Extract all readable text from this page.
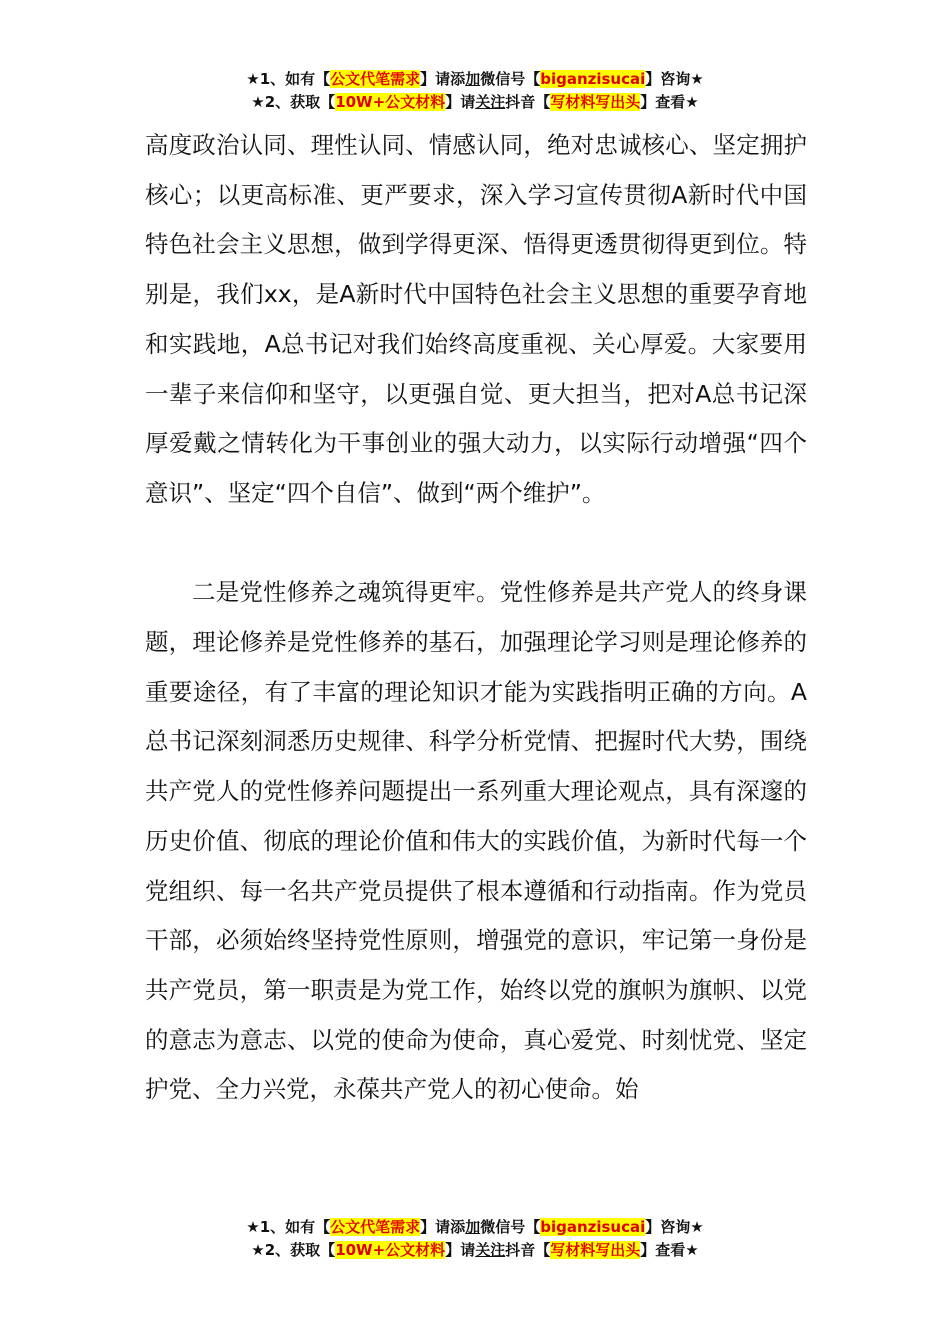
★1、如有【公文代笔需求】请添加微信号【biganzisucai】咨询★
★2、获取【10W+公文材料】请关注抖音【写材料写出头】查看★

高度政治认同、理性认同、情感认同，绝对忠诚核心、坚定拥护核心；以更高标准、更严要求，深入学习宣传贯彻A新时代中国特色社会主义思想，做到学得更深、悟得更透贯彻得更到位。特别是，我们xx，是A新时代中国特色社会主义思想的重要孕育地和实践地，A总书记对我们始终高度重视、关心厚爱。大家要用一辈子来信仰和坚守，以更强自觉、更大担当，把对A总书记深厚爱戴之情转化为干事创业的强大动力，以实际行动增强“四个意识”、坚定“四个自信”、做到“两个维护”。

二是党性修养之魂筑得更牢。党性修养是共产党人的终身课题，理论修养是党性修养的基石，加强理论学习则是理论修养的重要途径，有了丰富的理论知识才能为实践指明正确的方向。A总书记深刻洞悉历史规律、科学分析党情、把握时代大势，围绕共产党人的党性修养问题提出一系列重大理论观点，具有深邃的历史价值、彻底的理论价值和伟大的实践价值，为新时代每一个党组织、每一名共产党员提供了根本遵循和行动指南。作为党员干部，必须始终坚持党性原则，增强党的意识，牢记第一身份是共产党员，第一职责是为党工作，始终以党的旗帜为旗帜、以党的意志为意志、以党的使命为使命，真心爱党、时刻忧党、坚定护党、全力兴党，永葆共产党人的初心使命。始

★1、如有【公文代笔需求】请添加微信号【biganzisucai】咨询★
★2、获取【10W+公文材料】请关注抖音【写材料写出头】查看★
